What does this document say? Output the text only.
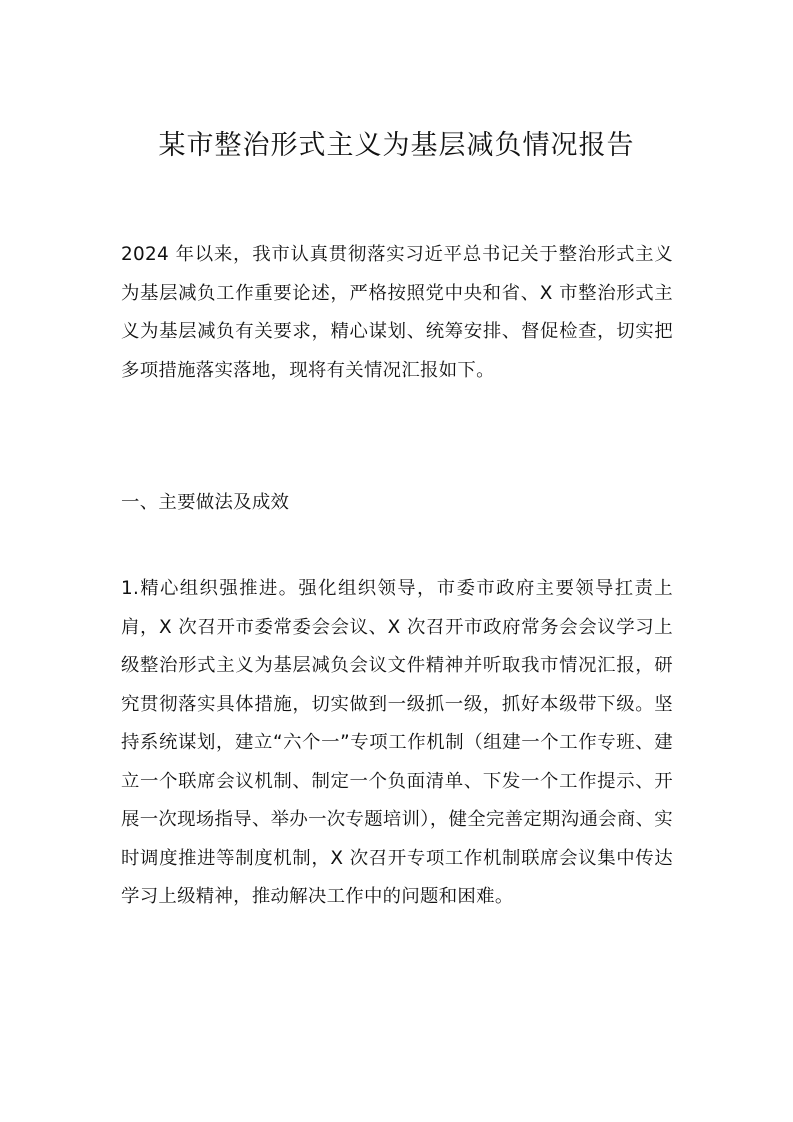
某市整治形式主义为基层减负情况报告

2024 年以来，我市认真贯彻落实习近平总书记关于整治形式主义为基层减负工作重要论述，严格按照党中央和省、X 市整治形式主义为基层减负有关要求，精心谋划、统筹安排、督促检查，切实把多项措施落实落地，现将有关情况汇报如下。

一、主要做法及成效

1.精心组织强推进。强化组织领导，市委市政府主要领导扛责上肩，X 次召开市委常委会会议、X 次召开市政府常务会会议学习上级整治形式主义为基层减负会议文件精神并听取我市情况汇报，研究贯彻落实具体措施，切实做到一级抓一级，抓好本级带下级。坚持系统谋划，建立“六个一”专项工作机制（组建一个工作专班、建立一个联席会议机制、制定一个负面清单、下发一个工作提示、开展一次现场指导、举办一次专题培训），健全完善定期沟通会商、实时调度推进等制度机制，X 次召开专项工作机制联席会议集中传达学习上级精神，推动解决工作中的问题和困难。
